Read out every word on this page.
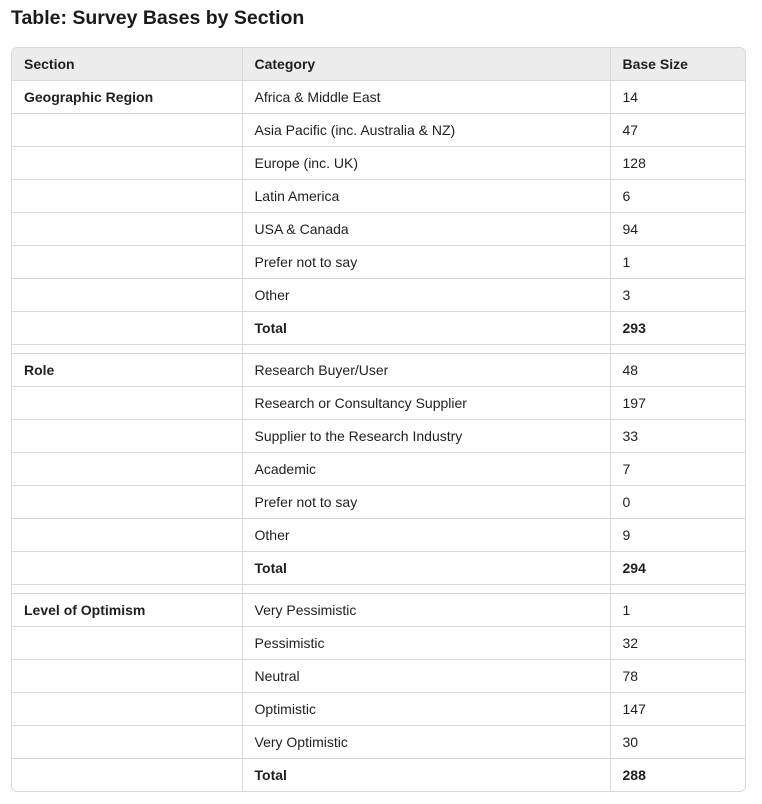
Table: Survey Bases by Section
Section	Category	Base Size
Geographic Region	Africa & Middle East	14
	Asia Pacific (inc. Australia & NZ)	47
	Europe (inc. UK)	128
	Latin America	6
	USA & Canada	94
	Prefer not to say	1
	Other	3
	Total	293

Role	Research Buyer/User	48
	Research or Consultancy Supplier	197
	Supplier to the Research Industry	33
	Academic	7
	Prefer not to say	0
	Other	9
	Total	294

Level of Optimism	Very Pessimistic	1
	Pessimistic	32
	Neutral	78
	Optimistic	147
	Very Optimistic	30
	Total	288
